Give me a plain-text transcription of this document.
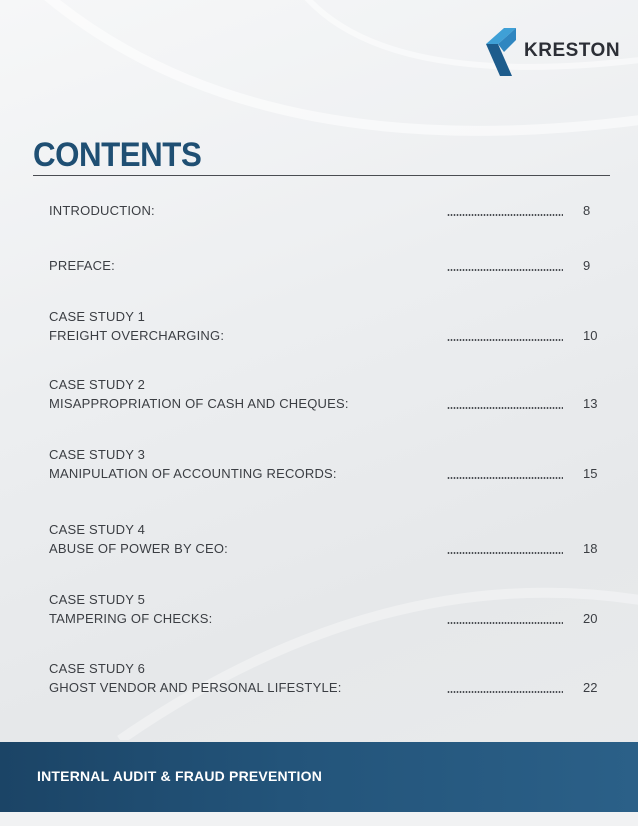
KRESTON
CONTENTS
INTRODUCTION:	8
PREFACE:	9
CASE STUDY 1
FREIGHT OVERCHARGING:	10
CASE STUDY 2
MISAPPROPRIATION OF CASH AND CHEQUES:	13
CASE STUDY 3
MANIPULATION OF ACCOUNTING RECORDS:	15
CASE STUDY 4
ABUSE OF POWER BY CEO:	18
CASE STUDY 5
TAMPERING OF CHECKS:	20
CASE STUDY 6
GHOST VENDOR AND PERSONAL LIFESTYLE:	22
INTERNAL AUDIT & FRAUD PREVENTION
